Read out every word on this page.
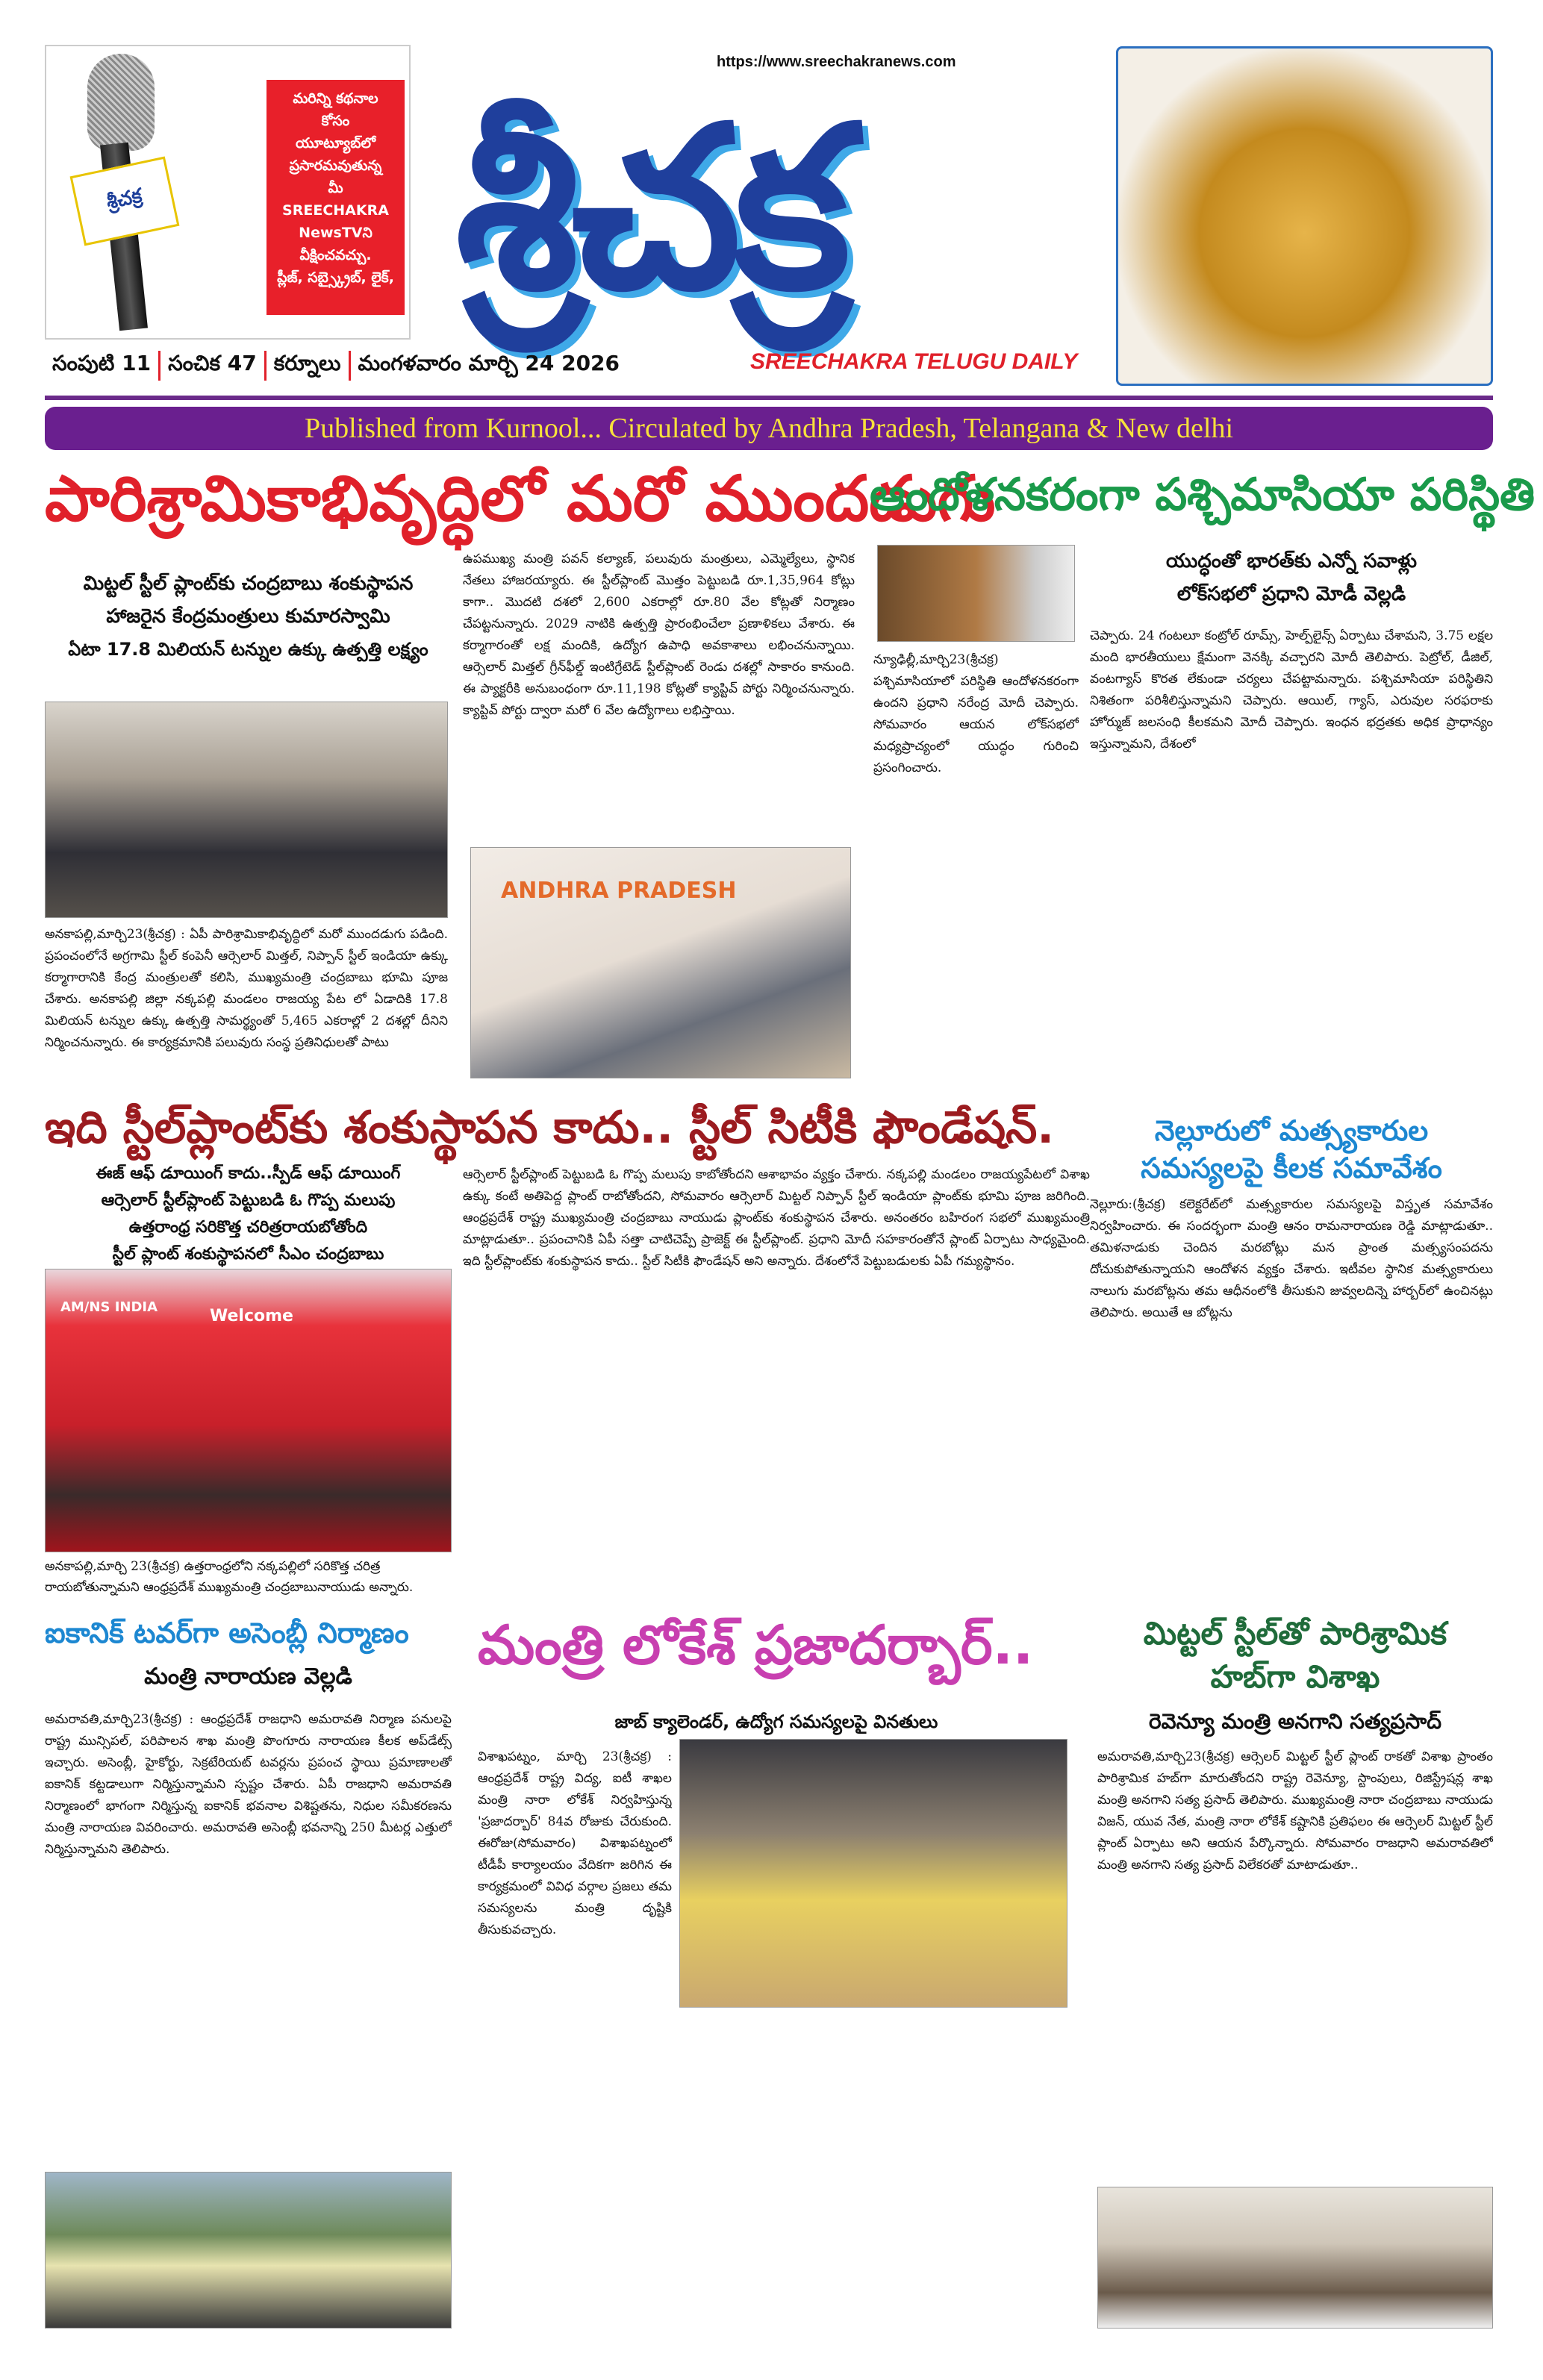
శ్రీచక్ర
మరిన్ని కథనాల
కోసం
యూట్యూబ్‌లో
ప్రసారమవుతున్న
మీ
SREECHAKRA
NewsTVని
వీక్షించవచ్చు.
ప్లీజ్, సబ్స్క్రైబ్, లైక్,
https://www.sreechakranews.com
శ్రీచక్ర
సంపుటి 11 సంచిక 47 కర్నూలు మంగళవారం మార్చి 24 2026	SREECHAKRA TELUGU DAILY
Published from Kurnool... Circulated by Andhra Pradesh, Telangana & New delhi
పారిశ్రామికాభివృద్ధిలో మరో ముందడుగు
మిట్టల్ స్టీల్ ప్లాంట్‌కు చంద్రబాబు శంకుస్థాపన
హాజరైన కేంద్రమంత్రులు కుమారస్వామి
ఏటా 17.8 మిలియన్ టన్నుల ఉక్కు ఉత్పత్తి లక్ష్యం
అనకాపల్లి,మార్చి23(శ్రీచక్ర) : ఏపీ పారిశ్రామికాభివృద్ధిలో మరో ముందడుగు పడింది. ప్రపంచంలోనే అగ్రగామి స్టీల్ కంపెనీ ఆర్సెలార్ మిత్తల్, నిప్పాన్ స్టీల్ ఇండియా ఉక్కు కర్మాగారానికి కేంద్ర మంత్రులతో కలిసి, ముఖ్యమంత్రి చంద్రబాబు భూమి పూజ చేశారు. అనకాపల్లి జిల్లా నక్కపల్లి మండలం రాజయ్య పేట లో ఏడాదికి 17.8 మిలియన్ టన్నుల ఉక్కు ఉత్పత్తి సామర్థ్యంతో 5,465 ఎకరాల్లో 2 దశల్లో దీనిని నిర్మించనున్నారు. ఈ కార్యక్రమానికి పలువురు సంస్థ ప్రతినిధులతో పాటు
ఉపముఖ్య మంత్రి పవన్ కల్యాణ్, పలువురు మంత్రులు, ఎమ్మెల్యేలు, స్థానిక నేతలు హాజరయ్యారు. ఈ స్టీల్‌ప్లాంట్ మొత్తం పెట్టుబడి రూ.1,35,964 కోట్లు కాగా.. మొదటి దశలో 2,600 ఎకరాల్లో రూ.80 వేల కోట్లతో నిర్మాణం చేపట్టనున్నారు. 2029 నాటికి ఉత్పత్తి ప్రారంభించేలా ప్రణాళికలు వేశారు. ఈ కర్మాగారంతో లక్ష మందికి, ఉద్యోగ ఉపాధి అవకాశాలు లభించనున్నాయి. ఆర్సెలార్ మిత్తల్ గ్రీన్‌ఫీల్డ్ ఇంటిగ్రేటెడ్ స్టీల్‌ప్లాంట్ రెండు దశల్లో సాకారం కానుంది. ఈ ప్యాక్టరీకి అనుబంధంగా రూ.11,198 కోట్లతో క్యాప్టివ్ పోర్టు నిర్మించనున్నారు. క్యాప్టివ్ పోర్టు ద్వారా మరో 6 వేల ఉద్యోగాలు లభిస్తాయి.
ANDHRA PRADESH
ఆందోళనకరంగా పశ్చిమాసియా పరిస్థితి
యుద్ధంతో భారత్‌కు ఎన్నో సవాళ్లు
లోక్‌సభలో ప్రధాని మోడీ వెల్లడి
న్యూఢిల్లీ,మార్చి23(శ్రీచక్ర) పశ్చిమాసియాలో పరిస్థితి ఆందోళనకరంగా ఉందని ప్రధాని నరేంద్ర మోదీ చెప్పారు. సోమవారం ఆయన లోక్‌సభలో మధ్యప్రాచ్యంలో యుద్ధం గురించి ప్రసంగించారు.
చెప్పారు. 24 గంటలూ కంట్రోల్ రూమ్స్, హెల్ప్‌లైన్స్ ఏర్పాటు చేశామని, 3.75 లక్షల మంది భారతీయులు క్షేమంగా వెనక్కి వచ్చారని మోదీ తెలిపారు. పెట్రోల్, డీజిల్, వంటగ్యాస్ కొరత లేకుండా చర్యలు చేపట్టామన్నారు. పశ్చిమాసియా పరిస్థితిని నిశితంగా పరిశీలిస్తున్నామని చెప్పారు. ఆయిల్, గ్యాస్, ఎరువుల సరఫరాకు హోర్ముజ్ జలసంధి కీలకమని మోదీ చెప్పారు. ఇంధన భద్రతకు అధిక ప్రాధాన్యం ఇస్తున్నామని, దేశంలో
ఇది స్టీల్‌ప్లాంట్‌కు శంకుస్థాపన కాదు.. స్టీల్ సిటీకి ఫౌండేషన్.
ఈజ్ ఆఫ్ డూయింగ్ కాదు..స్పీడ్ ఆఫ్ డూయింగ్
ఆర్సెలార్ స్టీల్‌ప్లాంట్ పెట్టుబడి ఓ గొప్ప మలుపు
ఉత్తరాంధ్ర సరికొత్త చరిత్రరాయబోతోంది
స్టీల్ ప్లాంట్ శంకుస్థాపనలో సీఎం చంద్రబాబు
AM/NS INDIA	Welcome
అనకాపల్లి,మార్చి 23(శ్రీచక్ర) ఉత్తరాంధ్రలోని నక్కపల్లిలో సరికొత్త చరిత్ర రాయబోతున్నామని ఆంధ్రప్రదేశ్ ముఖ్యమంత్రి చంద్రబాబునాయుడు అన్నారు.
ఆర్సెలార్ స్టీల్‌ప్లాంట్ పెట్టుబడి ఓ గొప్ప మలుపు కాబోతోందని ఆశాభావం వ్యక్తం చేశారు. నక్కపల్లి మండలం రాజయ్యపేటలో విశాఖ ఉక్కు కంటే అతిపెద్ద ప్లాంట్ రాబోతోందని, సోమవారం ఆర్సెలార్ మిట్టల్ నిప్పాన్ స్టీల్ ఇండియా ప్లాంట్‌కు భూమి పూజ జరిగింది. ఆంధ్రప్రదేశ్ రాష్ట్ర ముఖ్యమంత్రి చంద్రబాబు నాయుడు ప్లాంట్‌కు శంకుస్థాపన చేశారు. అనంతరం బహిరంగ సభలో ముఖ్యమంత్రి మాట్లాడుతూ.. ప్రపంచానికి ఏపీ సత్తా చాటిచెప్పే ప్రాజెక్ట్ ఈ స్టీల్‌ప్లాంట్. ప్రధాని మోదీ సహకారంతోనే ప్లాంట్ ఏర్పాటు సాధ్యమైంది. ఇది స్టీల్‌ప్లాంట్‌కు శంకుస్థాపన కాదు.. స్టీల్ సిటీకి ఫౌండేషన్ అని అన్నారు. దేశంలోనే పెట్టుబడులకు ఏపీ గమ్యస్థానం.
నెల్లూరులో మత్స్యకారుల
సమస్యలపై కీలక సమావేశం
నెల్లూరు:(శ్రీచక్ర) కలెక్టరేట్‌లో మత్స్యకారుల సమస్యలపై విస్తృత సమావేశం నిర్వహించారు. ఈ సందర్భంగా మంత్రి ఆనం రామనారాయణ రెడ్డి మాట్లాడుతూ.. తమిళనాడుకు చెందిన మరబోట్లు మన ప్రాంత మత్స్యసంపదను దోచుకుపోతున్నాయని ఆందోళన వ్యక్తం చేశారు. ఇటీవల స్థానిక మత్స్యకారులు నాలుగు మరబోట్లను తమ ఆధీనంలోకి తీసుకుని జువ్వలదిన్నె హార్బర్‌లో ఉంచినట్లు తెలిపారు. అయితే ఆ బోట్లను
ఐకానిక్ టవర్‌గా అసెంబ్లీ నిర్మాణం
మంత్రి నారాయణ వెల్లడి
అమరావతి,మార్చి23(శ్రీచక్ర) : ఆంధ్రప్రదేశ్ రాజధాని అమరావతి నిర్మాణ పనులపై రాష్ట్ర మున్సిపల్, పరిపాలన శాఖ మంత్రి పొంగూరు నారాయణ కీలక అప్‌డేట్స్ ఇచ్చారు. అసెంబ్లీ, హైకోర్టు, సెక్రటేరియట్ టవర్లను ప్రపంచ స్థాయి ప్రమాణాలతో ఐకానిక్ కట్టడాలుగా నిర్మిస్తున్నామని స్పష్టం చేశారు. ఏపీ రాజధాని అమరావతి నిర్మాణంలో భాగంగా నిర్మిస్తున్న ఐకానిక్ భవనాల విశిష్టతను, నిధుల సమీకరణను మంత్రి నారాయణ వివరించారు. అమరావతి అసెంబ్లీ భవనాన్ని 250 మీటర్ల ఎత్తులో నిర్మిస్తున్నామని తెలిపారు.
మంత్రి లోకేశ్ ప్రజాదర్బార్..
జాబ్ క్యాలెండర్, ఉద్యోగ సమస్యలపై వినతులు
విశాఖపట్నం, మార్చి 23(శ్రీచక్ర) : ఆంధ్రప్రదేశ్ రాష్ట్ర విద్య, ఐటీ శాఖల మంత్రి నారా లోకేశ్ నిర్వహిస్తున్న 'ప్రజాదర్బార్' 84వ రోజుకు చేరుకుంది. ఈరోజు(సోమవారం) విశాఖపట్నంలో టీడీపీ కార్యాలయం వేదికగా జరిగిన ఈ కార్యక్రమంలో వివిధ వర్గాల ప్రజలు తమ సమస్యలను మంత్రి దృష్టికి తీసుకువచ్చారు.
మిట్టల్ స్టీల్‌తో పారిశ్రామిక
హబ్‌గా విశాఖ
రెవెన్యూ మంత్రి అనగాని సత్యప్రసాద్
అమరావతి,మార్చి23(శ్రీచక్ర) ఆర్సెలర్ మిట్టల్ స్టీల్ ప్లాంట్ రాకతో విశాఖ ప్రాంతం పారిశ్రామిక హబ్‌గా మారుతోందని రాష్ట్ర రెవెన్యూ, స్టాంపులు, రిజిస్ట్రేషన్ల శాఖ మంత్రి అనగాని సత్య ప్రసాద్ తెలిపారు. ముఖ్యమంత్రి నారా చంద్రబాబు నాయుడు విజన్, యువ నేత, మంత్రి నారా లోకేశ్ కష్టానికి ప్రతిఫలం ఈ ఆర్సెలర్ మిట్టల్ స్టీల్ ప్లాంట్ ఏర్పాటు అని ఆయన పేర్కొన్నారు. సోమవారం రాజధాని అమరావతిలో మంత్రి అనగాని సత్య ప్రసాద్ విలేకరతో మాటాడుతూ..
